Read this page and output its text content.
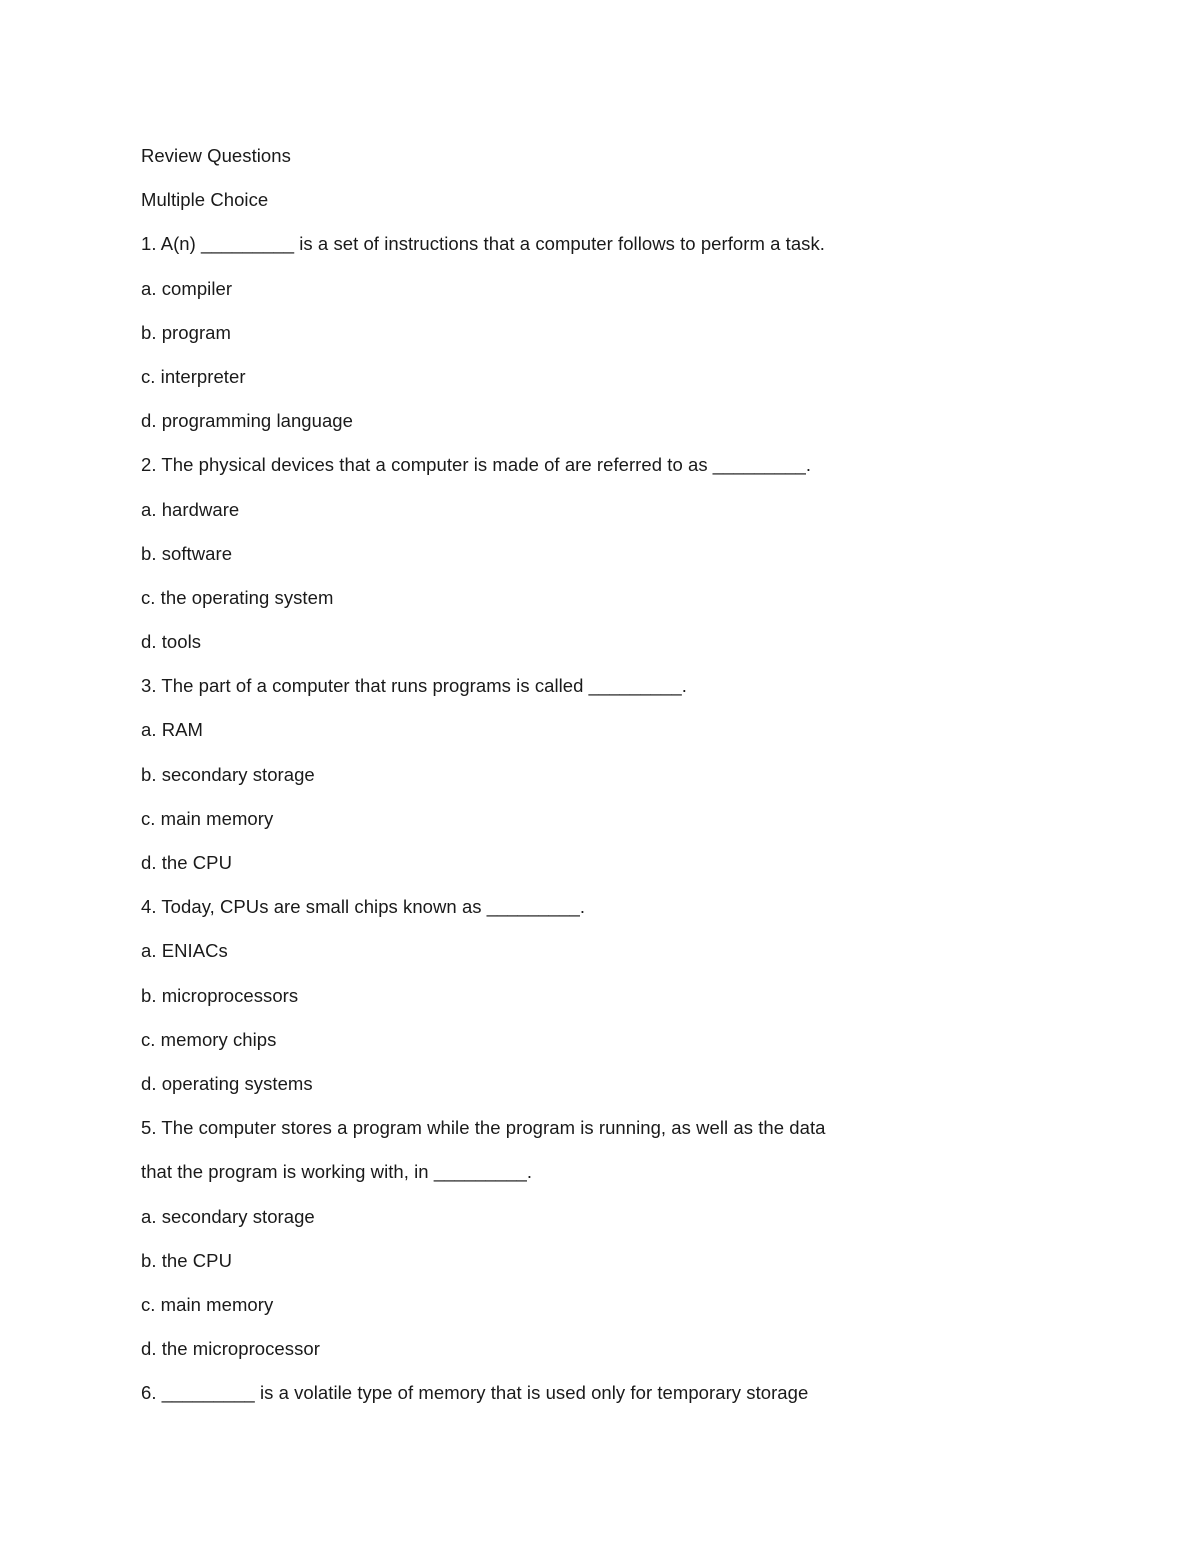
Review Questions

Multiple Choice

1. A(n) _________ is a set of instructions that a computer follows to perform a task.

a. compiler

b. program

c. interpreter

d. programming language

2. The physical devices that a computer is made of are referred to as _________.

a. hardware

b. software

c. the operating system

d. tools

3. The part of a computer that runs programs is called _________.

a. RAM

b. secondary storage

c. main memory

d. the CPU

4. Today, CPUs are small chips known as _________.

a. ENIACs

b. microprocessors

c. memory chips

d. operating systems

5. The computer stores a program while the program is running, as well as the data

that the program is working with, in _________.

a. secondary storage

b. the CPU

c. main memory

d. the microprocessor

6. _________ is a volatile type of memory that is used only for temporary storage
